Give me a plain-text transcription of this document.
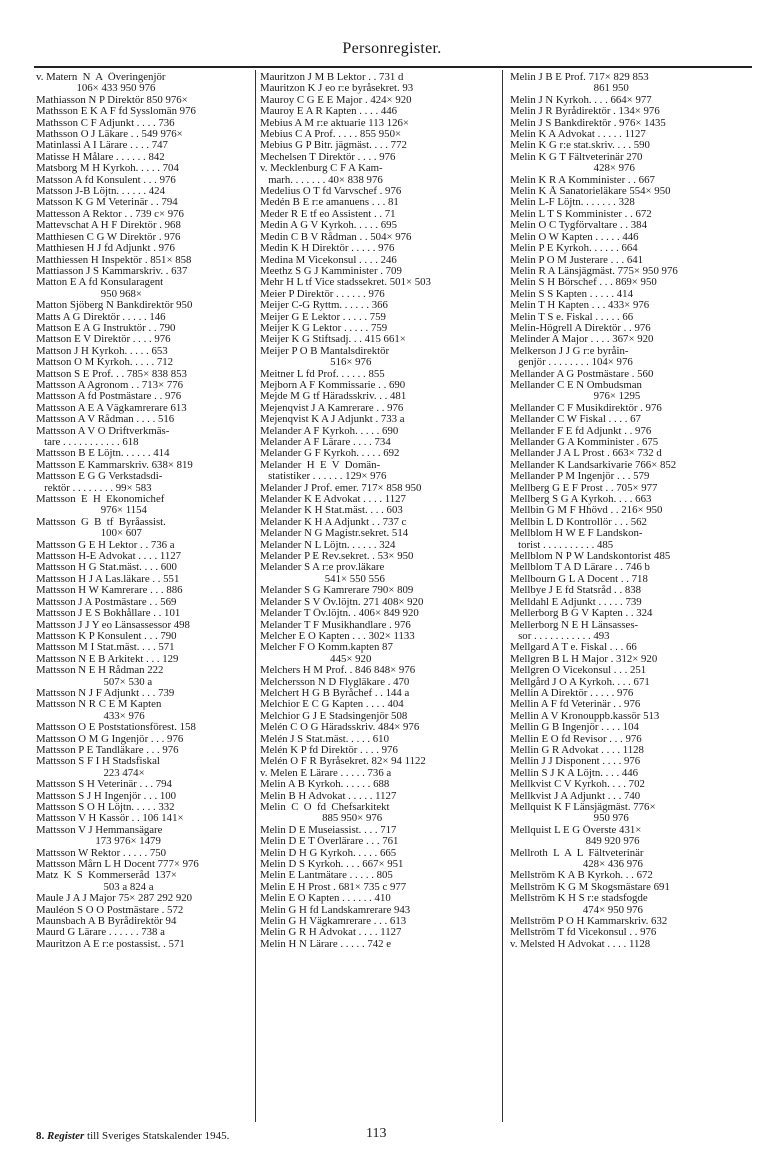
Personregister.
v. Matern  N  A  Överingenjör
106× 433 950 976
Mathiasson N P Direktör 850 976×
Mathsson E K A F fd Sysslomän 976
Mathsson C F Adjunkt . . . . 736
Mathsson O J Läkare . . 549 976×
Matinlassi A I Lärare . . . . 747
Matisse H Målare . . . . . . 842
Matsborg M H Kyrkoh. . . . . 704
Matsson A fd Konsulent . . . 976
Matsson J-B Löjtn. . . . . . 424
Matsson K G M Veterinär . . 794
Mattesson A Rektor . . 739 c× 976
Mattevschat A H F Direktör . 968
Matthiesen C G W Direktör . 976
Matthiesen H J fd Adjunkt . 976
Matthiessen H Inspektör . 851× 858
Mattiasson J S Kammarskriv. . 637
Matton E A fd Konsularagent
950 968×
Matton Sjöberg N Bankdirektör 950
Matts A G Direktör . . . . . 146
Mattson E A G Instruktör . . 790
Mattson E V Direktör . . . . 976
Mattson J H Kyrkoh. . . . . 653
Mattson O M Kyrkoh. . . . . 712
Mattson S E Prof. . . 785× 838 853
Mattsson A Agronom . . 713× 776
Mattsson A fd Postmästare . . 976
Mattsson A E A Vägkamrerare 613
Mattsson A V Rådman . . . . 516
Mattsson A V O Driftverkmäs-
tare . . . . . . . . . . . 618
Mattsson B E Löjtn. . . . . . 414
Mattsson E Kammarskriv. 638× 819
Mattsson E G G Verkstadsdi-
rektör . . . . . . . . 99× 583
Mattsson  E  H  Ekonomichef
976× 1154
Mattsson  G  B  tf  Byråassist.
100× 607
Mattsson G E H Lektor . . 736 a
Mattsson H-E Advokat . . . . 1127
Mattsson H G Stat.mäst. . . . 600
Mattsson H J A Las.läkare . . 551
Mattsson H W Kamrerare . . . 886
Mattsson J A Postmästare . . 569
Mattsson J E S Bokhållare . . 101
Mattsson J J Y eo Länsassessor 498
Mattsson K P Konsulent . . . 790
Mattsson M I Stat.mäst. . . . 571
Mattsson N E B Arkitekt . . . 129
Mattsson N E H Rådman 222
507× 530 a
Mattsson N J F Adjunkt . . . 739
Mattsson N R C E M Kapten
433× 976
Mattsson O E Poststationsförest. 158
Mattsson O M G Ingenjör . . . 976
Mattsson P E Tandläkare . . . 976
Mattsson S F I H Stadsfiskal
223 474×
Mattsson S H Veterinär . . . 794
Mattsson S J H Ingenjör . . . 100
Mattsson S O H Löjtn. . . . . 332
Mattsson V H Kassör . . 106 141×
Mattsson V J Hemmansägare
173 976× 1479
Mattsson W Rektor . . . . . 750
Mattsson Mårn L H Docent 777× 976
Matz  K  S  Kommerseråd  137×
503 a 824 a
Maule J A J Major 75× 287 292 920
Mauléon S O O Postmästare . 572
Maunsbach A B Byrådirektör 94
Maurd G Lärare . . . . . . 738 a
Mauritzon A E r:e postassist. . 571
Mauritzon J M B Lektor . . 731 d
Mauritzon K J eo r:e byråsekret. 93
Mauroy C G E E Major . 424× 920
Mauroy E A R Kapten . . . . 446
Mebius A M r:e aktuarie 113 126×
Mebius C A Prof. . . . . 855 950×
Mebius G P Bitr. jägmäst. . . . 772
Mechelsen T Direktör . . . . 976
v. Mecklenburg C F A Kam-
marh. . . . . . . 40× 838 976
Medelius O T fd Varvschef . 976
Medén B E r:e amanuens . . . 81
Meder R E tf eo Assistent . . 71
Medin A G V Kyrkoh. . . . . 695
Medin C B V Rådman . . 504× 976
Medin K H Direktör . . . . . 976
Medina M Vicekonsul . . . . 246
Meethz S G J Kamminister . 709
Mehr H L tf Vice stadssekret. 501× 503
Meier P Direktör . . . . . . 976
Meijer C-G Ryttm. . . . . . 366
Meijer G E Lektor . . . . . 759
Meijer K G Lektor . . . . . 759
Meijer K G Stiftsadj. . . 415 661×
Meijer P O B Mantalsdirektör
516× 976
Meitner L fd Prof. . . . . . 855
Mejborn A F Kommissarie . . 690
Mejde M G tf Häradsskriv. . . 481
Mejenqvist J A Kamrerare . . 976
Mejenqvist K A J Adjunkt . 733 a
Melander A F Kyrkoh. . . . . 690
Melander A F Lärare . . . . 734
Melander G F Kyrkoh. . . . . 692
Melander  H  E  V  Domän-
statistiker . . . . . . 129× 976
Melander J Prof. emer. 717× 858 950
Melander K E Advokat . . . . 1127
Melander K H Stat.mäst. . . . 603
Melander K H A Adjunkt . . 737 c
Melander N G Magistr.sekret. 514
Melander N L Löjtn. . . . . . 324
Melander P E Rev.sekret. . 53× 950
Melander S A r:e prov.läkare
541× 550 556
Melander S G Kamrerare 790× 809
Melander S V Öv.löjtn. 271 408× 920
Melander T Öv.löjtn. . 406× 849 920
Melander T F Musikhandlare . 976
Melcher E O Kapten . . . 302× 1133
Melcher F O Komm.kapten 87
445× 920
Melchers H M Prof. . 846 848× 976
Melchersson N D Flygläkare . 470
Melchert H G B Byråchef . . 144 a
Melchior E C G Kapten . . . . 404
Melchior G J E Stadsingenjör 508
Melén C O G Häradsskriv. 484× 976
Melén J S Stat.mäst. . . . . 610
Melén K P fd Direktör . . . . 976
Melén O F R Byråsekret. 82× 94 1122
v. Melen E Lärare . . . . . 736 a
Melin A B Kyrkoh. . . . . . 688
Melin B H Advokat . . . . . 1127
Melin  C  O  fd  Chefsarkitekt
885 950× 976
Melin D E Museiassist. . . . 717
Melin D E T Överlärare . . . 761
Melin D H G Kyrkoh. . . . . 665
Melin D S Kyrkoh. . . . 667× 951
Melin E Lantmätare . . . . . 805
Melin E H Prost . 681× 735 c 977
Melin E O Kapten . . . . . . 410
Melin G H fd Landskamrerare 943
Melin G H Vägkamrerare . . . 613
Melin G R H Advokat . . . . 1127
Melin H N Lärare . . . . . 742 e
Melin J B E Prof. 717× 829 853
861 950
Melin J N Kyrkoh. . . . 664× 977
Melin J R Byrådirektör . 134× 976
Melin J S Bankdirektör . 976× 1435
Melin K A Advokat . . . . . 1127
Melin K G r:e stat.skriv. . . . 590
Melin K G T Fältveterinär 270
428× 976
Melin K R A Komminister . . 667
Melin K Å Sanatorieläkare 554× 950
Melin L-F Löjtn. . . . . . . 328
Melin L T S Komminister . . 672
Melin O C Tygförvaltare . . 384
Melin O W Kapten . . . . . 446
Melin P E Kyrkoh. . . . . . 664
Melin P O M Justerare . . . 641
Melin R A Länsjägmäst. 775× 950 976
Melin S H Börschef . . . 869× 950
Melin S S Kapten . . . . . 414
Melin T H Kapten . . . 433× 976
Melin T S e. Fiskal . . . . . 66
Melin-Högrell A Direktör . . 976
Melinder A Major . . . . 367× 920
Melkerson J J G r:e byråin-
genjör . . . . . . . . 104× 976
Mellander A G Postmästare . 560
Mellander C E N Ombudsman
976× 1295
Mellander C F Musikdirektör . 976
Mellander C W Fiskal . . . . 67
Mellander F E fd Adjunkt . . 976
Mellander G A Komminister . 675
Mellander J A L Prost . 663× 732 d
Mellander K Landsarkivarie 766× 852
Mellander P M Ingenjör . . . 579
Mellberg G E F Prost . . 705× 977
Mellberg S G A Kyrkoh. . . . 663
Mellbin G M F Hhövd . . 216× 950
Mellbin L D Kontrollör . . . 562
Mellblom H W E F Landskon-
torist . . . . . . . . . . 485
Mellblom N P W Landskontorist 485
Mellblom T A D Lärare . . 746 b
Mellbourn G L A Docent . . 718
Mellbye J E fd Statsråd . . 838
Melldahl E Adjunkt . . . . . 739
Mellerborg B G V Kapten . . 324
Mellerborg N E H Länsasses-
sor . . . . . . . . . . . 493
Mellgard A T e. Fiskal . . . 66
Mellgren B L H Major . 312× 920
Mellgren O Vicekonsul . . . 251
Mellgård J O A Kyrkoh. . . . 671
Mellin A Direktör . . . . . 976
Mellin A F fd Veterinär . . 976
Mellin A V Kronouppb.kassör 513
Mellin G B Ingenjör . . . . 104
Mellin E O fd Revisor . . . 976
Mellin G R Advokat . . . . 1128
Mellin J J Disponent . . . . 976
Mellin S J K A Löjtn. . . . 446
Mellkvist C V Kyrkoh. . . . 702
Mellkvist J A Adjunkt . . . 740
Mellquist K F Länsjägmäst. 776×
950 976
Mellquist L E G Överste 431×
849 920 976
Mellroth  L  A  L  Fältveterinär
428× 436 976
Mellström K A B Kyrkoh. . . 672
Mellström K G M Skogsmästare 691
Mellström K H S r:e stadsfogde
474× 950 976
Mellström P O H Kammarskriv. 632
Mellström T fd Vicekonsul . . 976
v. Melsted H Advokat . . . . 1128
8. Register till Sveriges Statskalender 1945.	113
